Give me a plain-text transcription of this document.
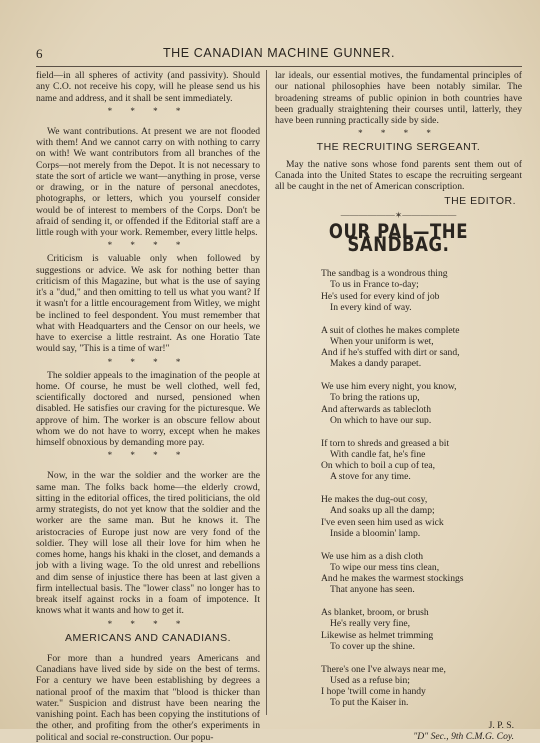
6	THE CANADIAN MACHINE GUNNER.

field—in all spheres of activity (and passivity). Should any C.O. not receive his copy, will he please send us his name and address, and it shall be sent immediately.

* * * *

We want contributions. At present we are not flooded with them! And we cannot carry on with nothing to carry on with! We want contributors from all branches of the Corps—not merely from the Depot. It is not necessary to state the sort of article we want—anything in prose, verse or drawing, or in the nature of personal anecdotes, photographs, or letters, which you yourself consider would be of interest to members of the Corps. Don't be afraid of sending it, or offended if the Editorial staff are a little rough with your work. Remember, every little helps.

* * * *

Criticism is valuable only when followed by suggestions or advice. We ask for nothing better than criticism of this Magazine, but what is the use of saying it's a "dud," and then omitting to tell us what you want? If it wasn't for a little encouragement from Witley, we might be inclined to feel despondent. You must remember that what with Headquarters and the Censor on our heels, we have to exercise a little restraint. As one Horatio Tate would say, "This is a time of war!"

* * * *

The soldier appeals to the imagination of the people at home. Of course, he must be well clothed, well fed, scientifically doctored and nursed, pensioned when disabled. He satisfies our craving for the picturesque. We approve of him. The worker is an obscure fellow about whom we do not have to worry, except when he makes himself obnoxious by demanding more pay.

* * * *

Now, in the war the soldier and the worker are the same man. The folks back home—the elderly crowd, sitting in the editorial offices, the tired politicians, the old army strategists, do not yet know that the soldier and the worker are the same man. But he knows it. The aristocracies of Europe just now are very fond of the soldier. They will lose all their love for him when he comes home, hangs his khaki in the closet, and demands a job with a living wage. To the old unrest and rebellions and dim sense of injustice there has been at last given a firm intellectual basis. The "lower class" no longer has to break itself against rocks in a foam of impotence. It knows what it wants and how to get it.

* * * *
AMERICANS AND CANADIANS.

For more than a hundred years Americans and Canadians have lived side by side on the best of terms. For a century we have been establishing by degrees a national proof of the maxim that "blood is thicker than water." Suspicion and distrust have been nearing the vanishing point. Each has been copying the institutions of the other, and profiting from the other's experiments in political and social re-construction. Our popu-

lar ideals, our essential motives, the fundamental principles of our national philosophies have been notably similar. The broadening streams of public opinion in both countries have been gradually straightening their courses until, latterly, they have been running practically side by side.

* * * *
THE RECRUITING SERGEANT.

May the native sons whose fond parents sent them out of Canada into the United States to escape the recruiting sergeant all be caught in the net of American conscription.

THE EDITOR.
——————✶——————
OUR PAL—THE SANDBAG.
The sandbag is a wondrous thing
To us in France to-day;
He's used for every kind of job
In every kind of way.
A suit of clothes he makes complete
When your uniform is wet,
And if he's stuffed with dirt or sand,
Makes a dandy parapet.
We use him every night, you know,
To bring the rations up,
And afterwards as tablecloth
On which to have our sup.
If torn to shreds and greased a bit
With candle fat, he's fine
On which to boil a cup of tea,
A stove for any time.
He makes the dug-out cosy,
And soaks up all the damp;
I've even seen him used as wick
Inside a bloomin' lamp.
We use him as a dish cloth
To wipe our mess tins clean,
And he makes the warmest stockings
That anyone has seen.
As blanket, broom, or brush
He's really very fine,
Likewise as helmet trimming
To cover up the shine.
There's one I've always near me,
Used as a refuse bin;
I hope 'twill come in handy
To put the Kaiser in.
J. P. S.
"D" Sec., 9th C.M.G. Coy.
